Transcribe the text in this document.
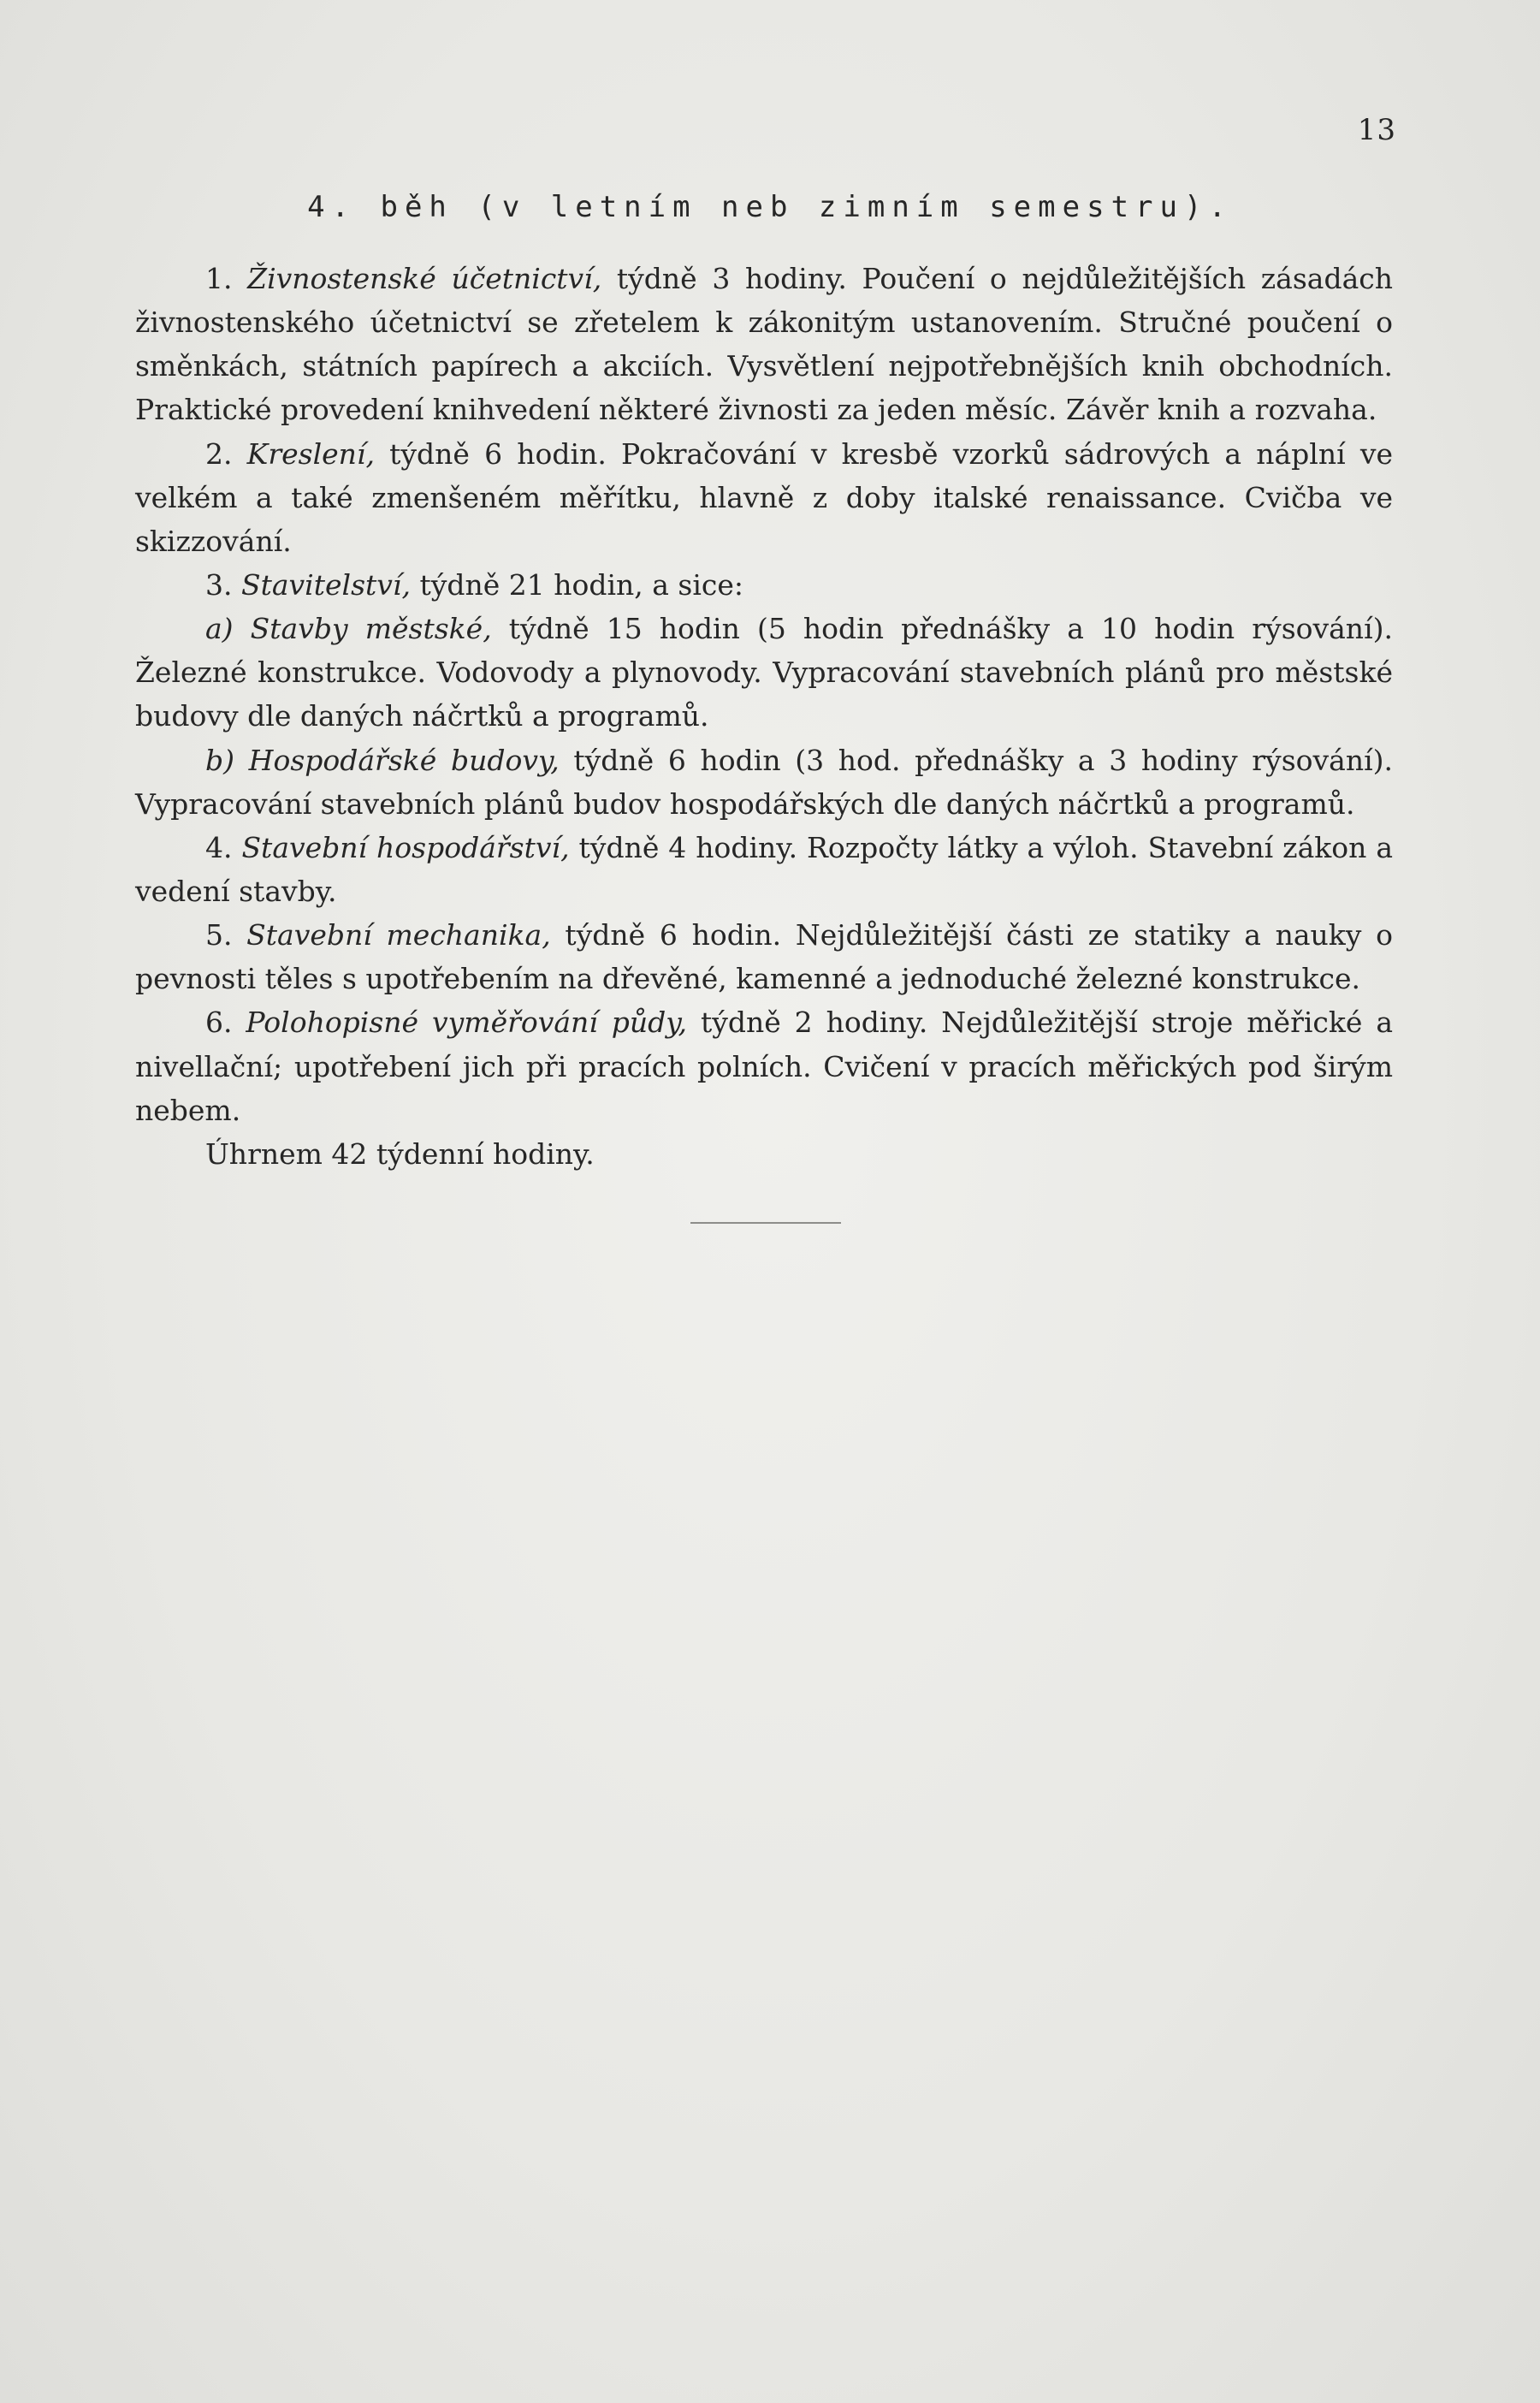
13
4. běh (v letním neb zimním semestru).

1. Živnostenské účetnictví, týdně 3 hodiny. Poučení o nejdůležitějších zásadách živnostenského účetnictví se zřetelem k zákonitým ustanovením. Stručné poučení o směnkách, státních papírech a akciích. Vysvětlení nejpotřebnějších knih obchodních. Praktické provedení knihvedení některé živnosti za jeden měsíc. Závěr knih a rozvaha.

2. Kreslení, týdně 6 hodin. Pokračování v kresbě vzorků sádrových a náplní ve velkém a také zmenšeném měřítku, hlavně z doby italské renaissance. Cvičba ve skizzování.

3. Stavitelství, týdně 21 hodin, a sice:

a) Stavby městské, týdně 15 hodin (5 hodin přednášky a 10 hodin rýsování). Železné konstrukce. Vodovody a plynovody. Vypracování stavebních plánů pro městské budovy dle daných náčrtků a programů.

b) Hospodářské budovy, týdně 6 hodin (3 hod. přednášky a 3 hodiny rýsování). Vypracování stavebních plánů budov hospodářských dle daných náčrtků a programů.

4. Stavební hospodářství, týdně 4 hodiny. Rozpočty látky a výloh. Stavební zákon a vedení stavby.

5. Stavební mechanika, týdně 6 hodin. Nejdůležitější části ze statiky a nauky o pevnosti těles s upotřebením na dřevěné, kamenné a jednoduché železné konstrukce.

6. Polohopisné vyměřování půdy, týdně 2 hodiny. Nejdůležitější stroje měřické a nivellační; upotřebení jich při pracích polních. Cvičení v pracích měřických pod širým nebem.

Úhrnem 42 týdenní hodiny.
